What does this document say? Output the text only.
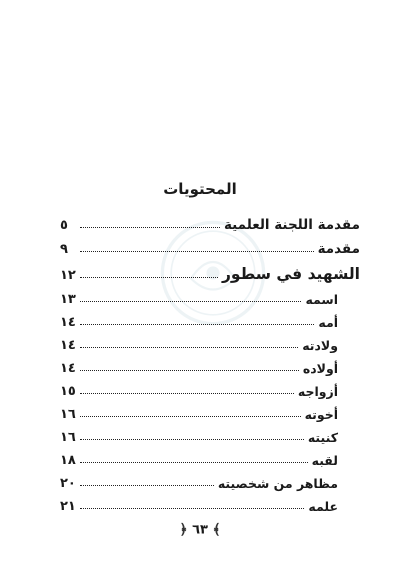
المحتويات
مقدمة اللجنة العلمية
٥
مقدمة
٩
الشهيد في سطور
١٢
اسمه
١٣
أمه
١٤
ولادته
١٤
أولاده
١٤
أزواجه
١٥
أخوته
١٦
كنيته
١٦
لقبه
١٨
مظاهر من شخصيته
٢٠
علمه
٢١
﴾ ٦٣ ﴿
